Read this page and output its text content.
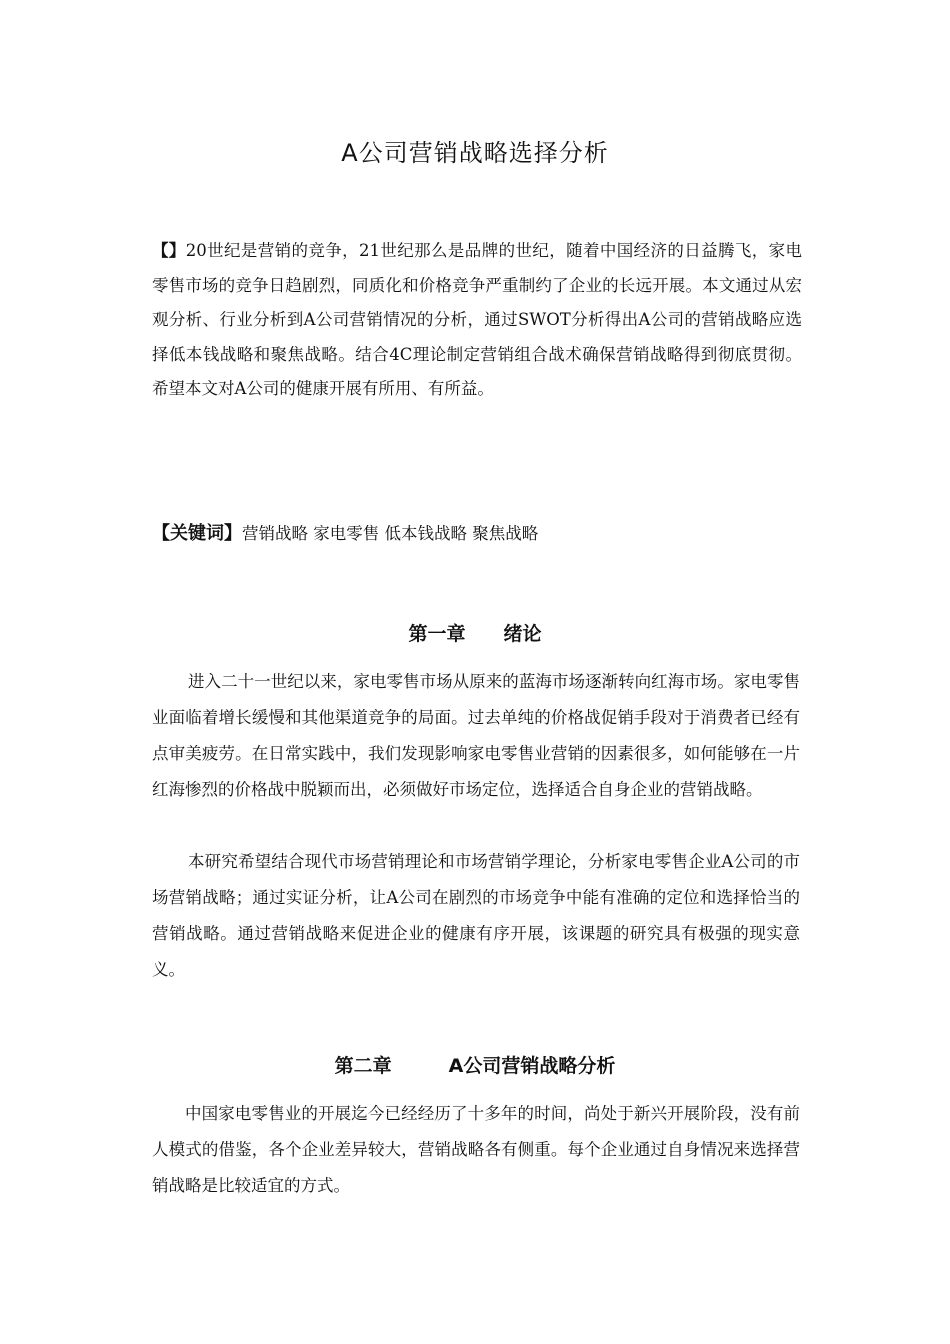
A公司营销战略选择分析

【】20世纪是营销的竞争，21世纪那么是品牌的世纪，随着中国经济的日益腾飞，家电零售市场的竞争日趋剧烈，同质化和价格竞争严重制约了企业的长远开展。本文通过从宏观分析、行业分析到A公司营销情况的分析，通过SWOT分析得出A公司的营销战略应选择低本钱战略和聚焦战略。结合4C理论制定营销组合战术确保营销战略得到彻底贯彻。希望本文对A公司的健康开展有所用、有所益。

【关键词】营销战略 家电零售 低本钱战略 聚焦战略

第一章　　绪论

进入二十一世纪以来，家电零售市场从原来的蓝海市场逐渐转向红海市场。家电零售业面临着增长缓慢和其他渠道竞争的局面。过去单纯的价格战促销手段对于消费者已经有点审美疲劳。在日常实践中，我们发现影响家电零售业营销的因素很多，如何能够在一片红海惨烈的价格战中脱颖而出，必须做好市场定位，选择适合自身企业的营销战略。

本研究希望结合现代市场营销理论和市场营销学理论，分析家电零售企业A公司的市场营销战略；通过实证分析，让A公司在剧烈的市场竞争中能有准确的定位和选择恰当的营销战略。通过营销战略来促进企业的健康有序开展，该课题的研究具有极强的现实意义。

第二章　　　A公司营销战略分析

中国家电零售业的开展迄今已经经历了十多年的时间，尚处于新兴开展阶段，没有前人模式的借鉴，各个企业差异较大，营销战略各有侧重。每个企业通过自身情况来选择营销战略是比较适宜的方式。
